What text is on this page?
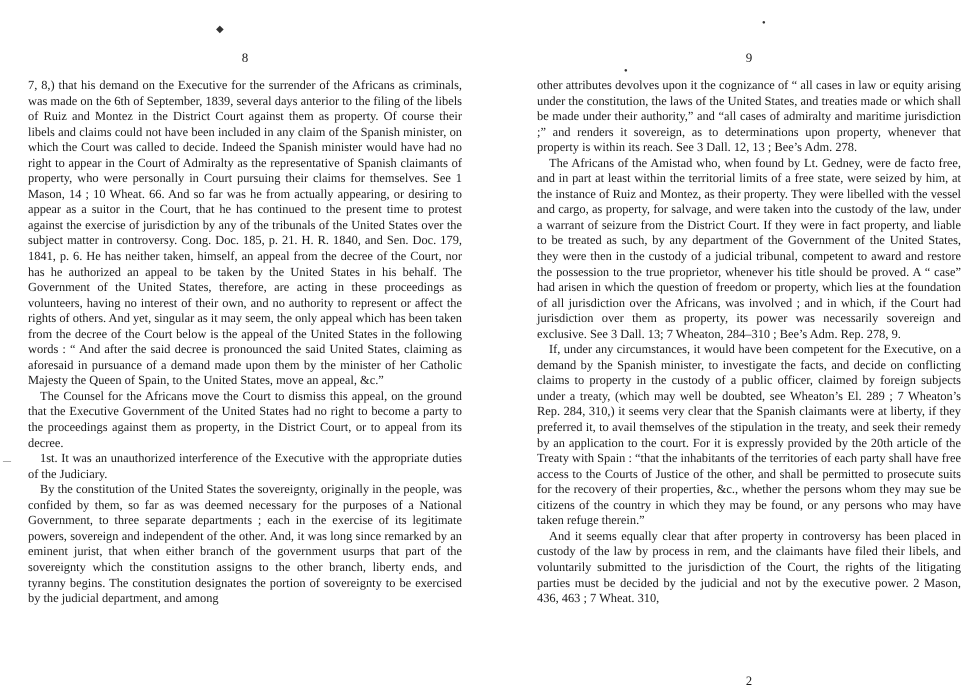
◆
●
●
—
8

7, 8,) that his demand on the Executive for the surrender of the Africans as criminals, was made on the 6th of September, 1839, several days anterior to the filing of the libels of Ruiz and Montez in the District Court against them as property. Of course their libels and claims could not have been included in any claim of the Spanish minister, on which the Court was called to decide. Indeed the Spanish minister would have had no right to appear in the Court of Admiralty as the representative of Spanish claimants of property, who were personally in Court pursuing their claims for themselves. See 1 Mason, 14 ; 10 Wheat. 66. And so far was he from actually appearing, or desiring to appear as a suitor in the Court, that he has continued to the present time to protest against the exercise of jurisdiction by any of the tribunals of the United States over the subject matter in controversy. Cong. Doc. 185, p. 21. H. R. 1840, and Sen. Doc. 179, 1841, p. 6. He has neither taken, himself, an appeal from the decree of the Court, nor has he authorized an appeal to be taken by the United States in his behalf. The Government of the United States, therefore, are acting in these proceedings as volunteers, having no interest of their own, and no authority to represent or affect the rights of others. And yet, singular as it may seem, the only appeal which has been taken from the decree of the Court below is the appeal of the United States in the following words : “ And after the said decree is pronounced the said United States, claiming as aforesaid in pursuance of a demand made upon them by the minister of her Catholic Majesty the Queen of Spain, to the United States, move an appeal, &c.”

The Counsel for the Africans move the Court to dismiss this appeal, on the ground that the Executive Government of the United States had no right to become a party to the proceedings against them as property, in the District Court, or to appeal from its decree.

1st. It was an unauthorized interference of the Executive with the appropriate duties of the Judiciary.

By the constitution of the United States the sovereignty, originally in the people, was confided by them, so far as was deemed necessary for the purposes of a National Government, to three separate departments ; each in the exercise of its legitimate powers, sovereign and independent of the other. And, it was long since remarked by an eminent jurist, that when either branch of the government usurps that part of the sovereignty which the constitution assigns to the other branch, liberty ends, and tyranny begins. The constitution designates the portion of sovereignty to be exercised by the judicial department, and among

9

other attributes devolves upon it the cognizance of “ all cases in law or equity arising under the constitution, the laws of the United States, and treaties made or which shall be made under their authority,” and “all cases of admiralty and maritime jurisdiction ;” and renders it sovereign, as to determinations upon property, whenever that property is within its reach. See 3 Dall. 12, 13 ; Bee’s Adm. 278.

The Africans of the Amistad who, when found by Lt. Gedney, were de facto free, and in part at least within the territorial limits of a free state, were seized by him, at the instance of Ruiz and Montez, as their property. They were libelled with the vessel and cargo, as property, for salvage, and were taken into the custody of the law, under a warrant of seizure from the District Court. If they were in fact property, and liable to be treated as such, by any department of the Government of the United States, they were then in the custody of a judicial tribunal, competent to award and restore the possession to the true proprietor, whenever his title should be proved. A “ case” had arisen in which the question of freedom or property, which lies at the foundation of all jurisdiction over the Africans, was involved ; and in which, if the Court had jurisdiction over them as property, its power was necessarily sovereign and exclusive. See 3 Dall. 13; 7 Wheaton, 284–310 ; Bee’s Adm. Rep. 278, 9.

If, under any circumstances, it would have been competent for the Executive, on a demand by the Spanish minister, to investigate the facts, and decide on conflicting claims to property in the custody of a public officer, claimed by foreign subjects under a treaty, (which may well be doubted, see Wheaton’s El. 289 ; 7 Wheaton’s Rep. 284, 310,) it seems very clear that the Spanish claimants were at liberty, if they preferred it, to avail themselves of the stipulation in the treaty, and seek their remedy by an application to the court. For it is expressly provided by the 20th article of the Treaty with Spain : “that the inhabitants of the territories of each party shall have free access to the Courts of Justice of the other, and shall be permitted to prosecute suits for the recovery of their properties, &c., whether the persons whom they may sue be citizens of the country in which they may be found, or any persons who may have taken refuge therein.”

And it seems equally clear that after property in controversy has been placed in custody of the law by process in rem, and the claimants have filed their libels, and voluntarily submitted to the jurisdiction of the Court, the rights of the litigating parties must be decided by the judicial and not by the executive power. 2 Mason, 436, 463 ; 7 Wheat. 310,

2
